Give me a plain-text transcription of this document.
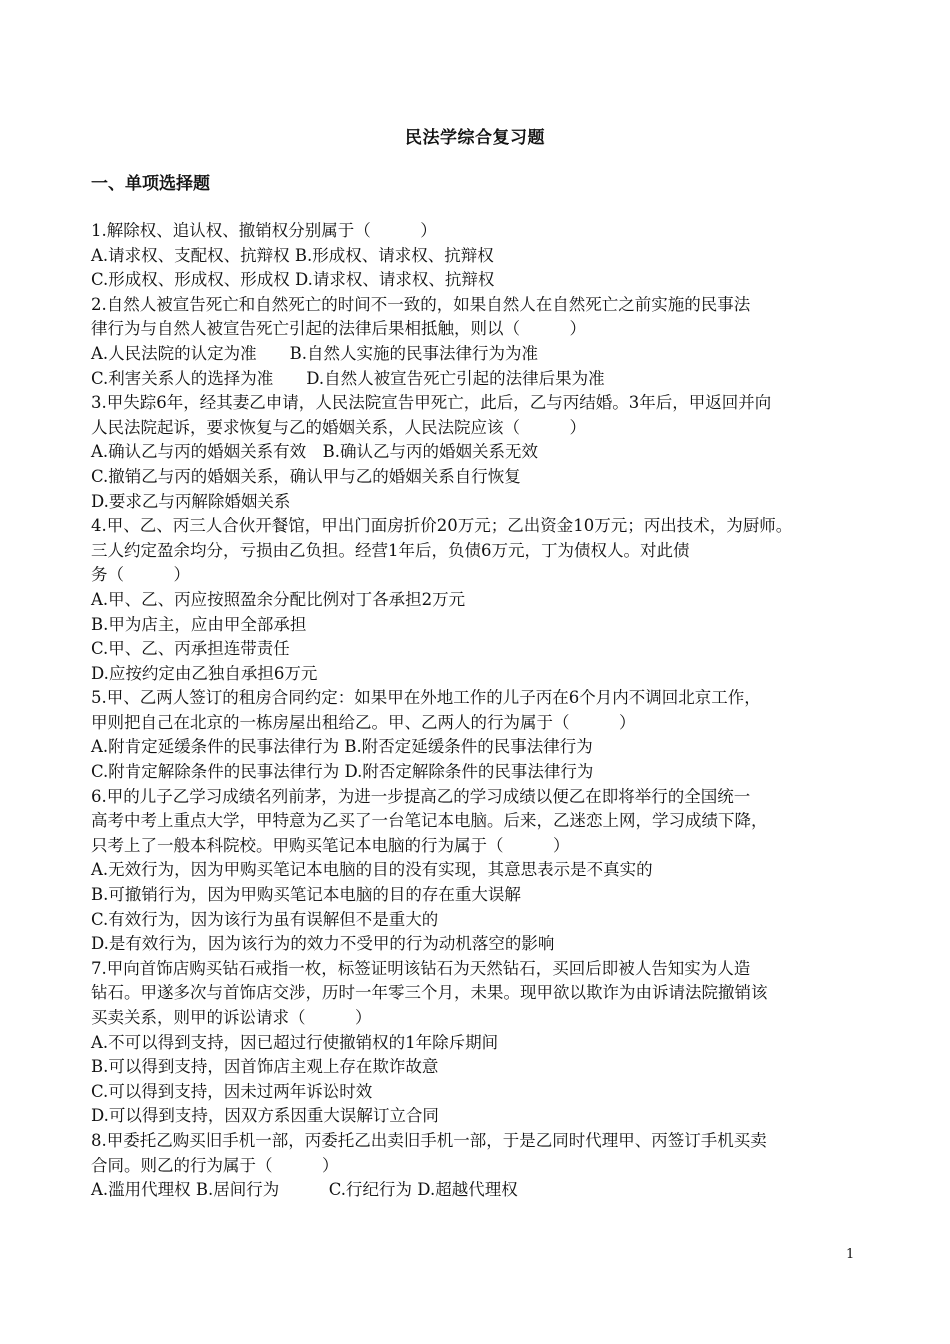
民法学综合复习题
一、单项选择题
1.解除权、追认权、撤销权分别属于（　　　）
A.请求权、支配权、抗辩权 B.形成权、请求权、抗辩权
C.形成权、形成权、形成权 D.请求权、请求权、抗辩权
2.自然人被宣告死亡和自然死亡的时间不一致的，如果自然人在自然死亡之前实施的民事法
律行为与自然人被宣告死亡引起的法律后果相抵触，则以（　　　）
A.人民法院的认定为准　　B.自然人实施的民事法律行为为准
C.利害关系人的选择为准　　D.自然人被宣告死亡引起的法律后果为准
3.甲失踪6年，经其妻乙申请，人民法院宣告甲死亡，此后，乙与丙结婚。3年后，甲返回并向
人民法院起诉，要求恢复与乙的婚姻关系，人民法院应该（　　　）
A.确认乙与丙的婚姻关系有效　B.确认乙与丙的婚姻关系无效
C.撤销乙与丙的婚姻关系，确认甲与乙的婚姻关系自行恢复
D.要求乙与丙解除婚姻关系
4.甲、乙、丙三人合伙开餐馆，甲出门面房折价20万元；乙出资金10万元；丙出技术，为厨师。
三人约定盈余均分，亏损由乙负担。经营1年后，负债6万元，丁为债权人。对此债
务（　　　）
A.甲、乙、丙应按照盈余分配比例对丁各承担2万元
B.甲为店主，应由甲全部承担
C.甲、乙、丙承担连带责任
D.应按约定由乙独自承担6万元
5.甲、乙两人签订的租房合同约定：如果甲在外地工作的儿子丙在6个月内不调回北京工作，
甲则把自己在北京的一栋房屋出租给乙。甲、乙两人的行为属于（　　　）
A.附肯定延缓条件的民事法律行为 B.附否定延缓条件的民事法律行为
C.附肯定解除条件的民事法律行为 D.附否定解除条件的民事法律行为
6.甲的儿子乙学习成绩名列前茅，为进一步提高乙的学习成绩以便乙在即将举行的全国统一
高考中考上重点大学，甲特意为乙买了一台笔记本电脑。后来，乙迷恋上网，学习成绩下降，
只考上了一般本科院校。甲购买笔记本电脑的行为属于（　　　）
A.无效行为，因为甲购买笔记本电脑的目的没有实现，其意思表示是不真实的
B.可撤销行为，因为甲购买笔记本电脑的目的存在重大误解
C.有效行为，因为该行为虽有误解但不是重大的
D.是有效行为，因为该行为的效力不受甲的行为动机落空的影响
7.甲向首饰店购买钻石戒指一枚，标签证明该钻石为天然钻石，买回后即被人告知实为人造
钻石。甲遂多次与首饰店交涉，历时一年零三个月，未果。现甲欲以欺诈为由诉请法院撤销该
买卖关系，则甲的诉讼请求（　　　）
A.不可以得到支持，因已超过行使撤销权的1年除斥期间
B.可以得到支持，因首饰店主观上存在欺诈故意
C.可以得到支持，因未过两年诉讼时效
D.可以得到支持，因双方系因重大误解订立合同
8.甲委托乙购买旧手机一部，丙委托乙出卖旧手机一部，于是乙同时代理甲、丙签订手机买卖
合同。则乙的行为属于（　　　）
A.滥用代理权 B.居间行为　　　C.行纪行为 D.超越代理权
1
